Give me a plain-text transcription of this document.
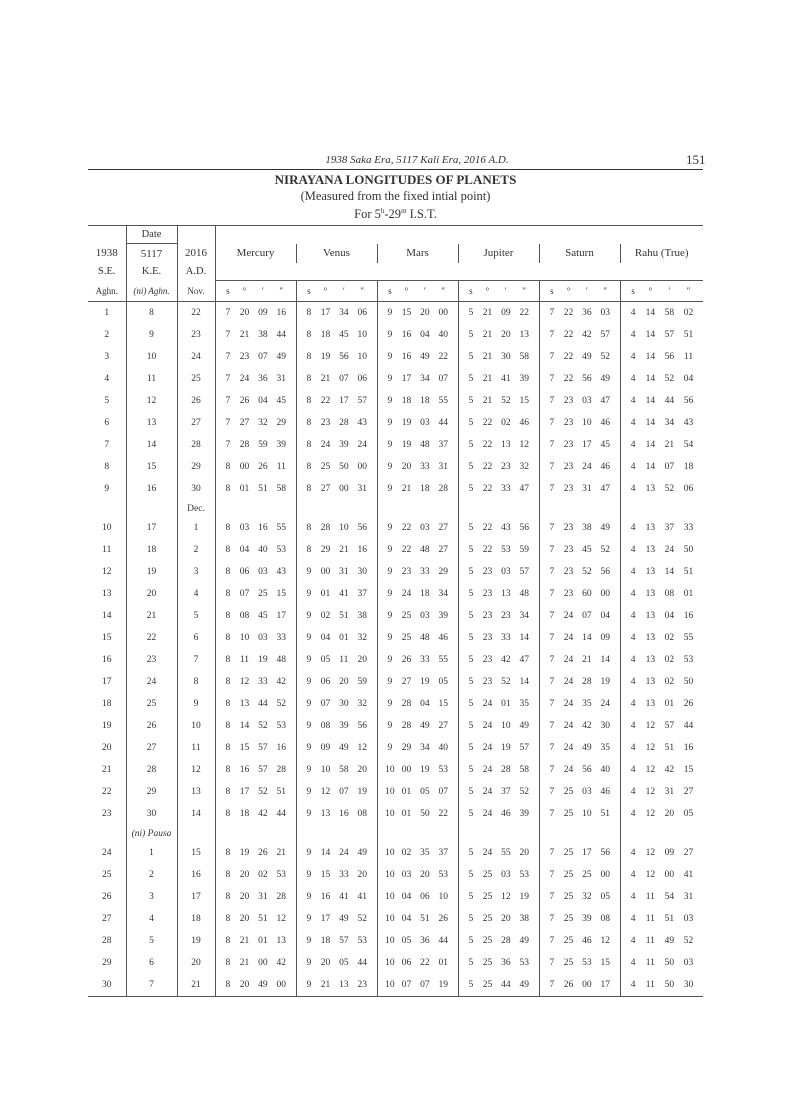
1938 Saka Era, 5117 Kali Era, 2016 A.D.	151
NIRAYANA LONGITUDES OF PLANETS
(Measured from the fixed intial point)
For 5$^h$-29$^m$ I.S.T.
	Date							
1938	5117	2016	Mercury	Venus	Mars	Jupiter	Saturn	Rahu (True)
S.E.	K.E.	A.D.						
Aghn.	(ni) Aghn.	Nov.	s ° ′ ″	s ° ′ ″	s ° ′ ″	s ° ′ ″	s ° ′ ″	s ° ′ ″

1	8	22	7 20 09 16	8 17 34 06	9 15 20 00	5 21 09 22	7 22 36 03	4 14 58 02

2	9	23	7 21 38 44	8 18 45 10	9 16 04 40	5 21 20 13	7 22 42 57	4 14 57 51

3	10	24	7 23 07 49	8 19 56 10	9 16 49 22	5 21 30 58	7 22 49 52	4 14 56 11

4	11	25	7 24 36 31	8 21 07 06	9 17 34 07	5 21 41 39	7 22 56 49	4 14 52 04

5	12	26	7 26 04 45	8 22 17 57	9 18 18 55	5 21 52 15	7 23 03 47	4 14 44 56

6	13	27	7 27 32 29	8 23 28 43	9 19 03 44	5 22 02 46	7 23 10 46	4 14 34 43

7	14	28	7 28 59 39	8 24 39 24	9 19 48 37	5 22 13 12	7 23 17 45	4 14 21 54

8	15	29	8 00 26 11	8 25 50 00	9 20 33 31	5 22 23 32	7 23 24 46	4 14 07 18

9	16	30	8 01 51 58	8 27 00 31	9 21 18 28	5 22 33 47	7 23 31 47	4 13 52 06

		Dec.						
10	17	1	8 03 16 55	8 28 10 56	9 22 03 27	5 22 43 56	7 23 38 49	4 13 37 33

11	18	2	8 04 40 53	8 29 21 16	9 22 48 27	5 22 53 59	7 23 45 52	4 13 24 50

12	19	3	8 06 03 43	9 00 31 30	9 23 33 29	5 23 03 57	7 23 52 56	4 13 14 51

13	20	4	8 07 25 15	9 01 41 37	9 24 18 34	5 23 13 48	7 23 60 00	4 13 08 01

14	21	5	8 08 45 17	9 02 51 38	9 25 03 39	5 23 23 34	7 24 07 04	4 13 04 16

15	22	6	8 10 03 33	9 04 01 32	9 25 48 46	5 23 33 14	7 24 14 09	4 13 02 55

16	23	7	8 11 19 48	9 05 11 20	9 26 33 55	5 23 42 47	7 24 21 14	4 13 02 53

17	24	8	8 12 33 42	9 06 20 59	9 27 19 05	5 23 52 14	7 24 28 19	4 13 02 50

18	25	9	8 13 44 52	9 07 30 32	9 28 04 15	5 24 01 35	7 24 35 24	4 13 01 26

19	26	10	8 14 52 53	9 08 39 56	9 28 49 27	5 24 10 49	7 24 42 30	4 12 57 44

20	27	11	8 15 57 16	9 09 49 12	9 29 34 40	5 24 19 57	7 24 49 35	4 12 51 16

21	28	12	8 16 57 28	9 10 58 20	10 00 19 53	5 24 28 58	7 24 56 40	4 12 42 15

22	29	13	8 17 52 51	9 12 07 19	10 01 05 07	5 24 37 52	7 25 03 46	4 12 31 27

23	30	14	8 18 42 44	9 13 16 08	10 01 50 22	5 24 46 39	7 25 10 51	4 12 20 05

	(ni) Pausa							
24	1	15	8 19 26 21	9 14 24 49	10 02 35 37	5 24 55 20	7 25 17 56	4 12 09 27

25	2	16	8 20 02 53	9 15 33 20	10 03 20 53	5 25 03 53	7 25 25 00	4 12 00 41

26	3	17	8 20 31 28	9 16 41 41	10 04 06 10	5 25 12 19	7 25 32 05	4 11 54 31

27	4	18	8 20 51 12	9 17 49 52	10 04 51 26	5 25 20 38	7 25 39 08	4 11 51 03

28	5	19	8 21 01 13	9 18 57 53	10 05 36 44	5 25 28 49	7 25 46 12	4 11 49 52

29	6	20	8 21 00 42	9 20 05 44	10 06 22 01	5 25 36 53	7 25 53 15	4 11 50 03

30	7	21	8 20 49 00	9 21 13 23	10 07 07 19	5 25 44 49	7 26 00 17	4 11 50 30
